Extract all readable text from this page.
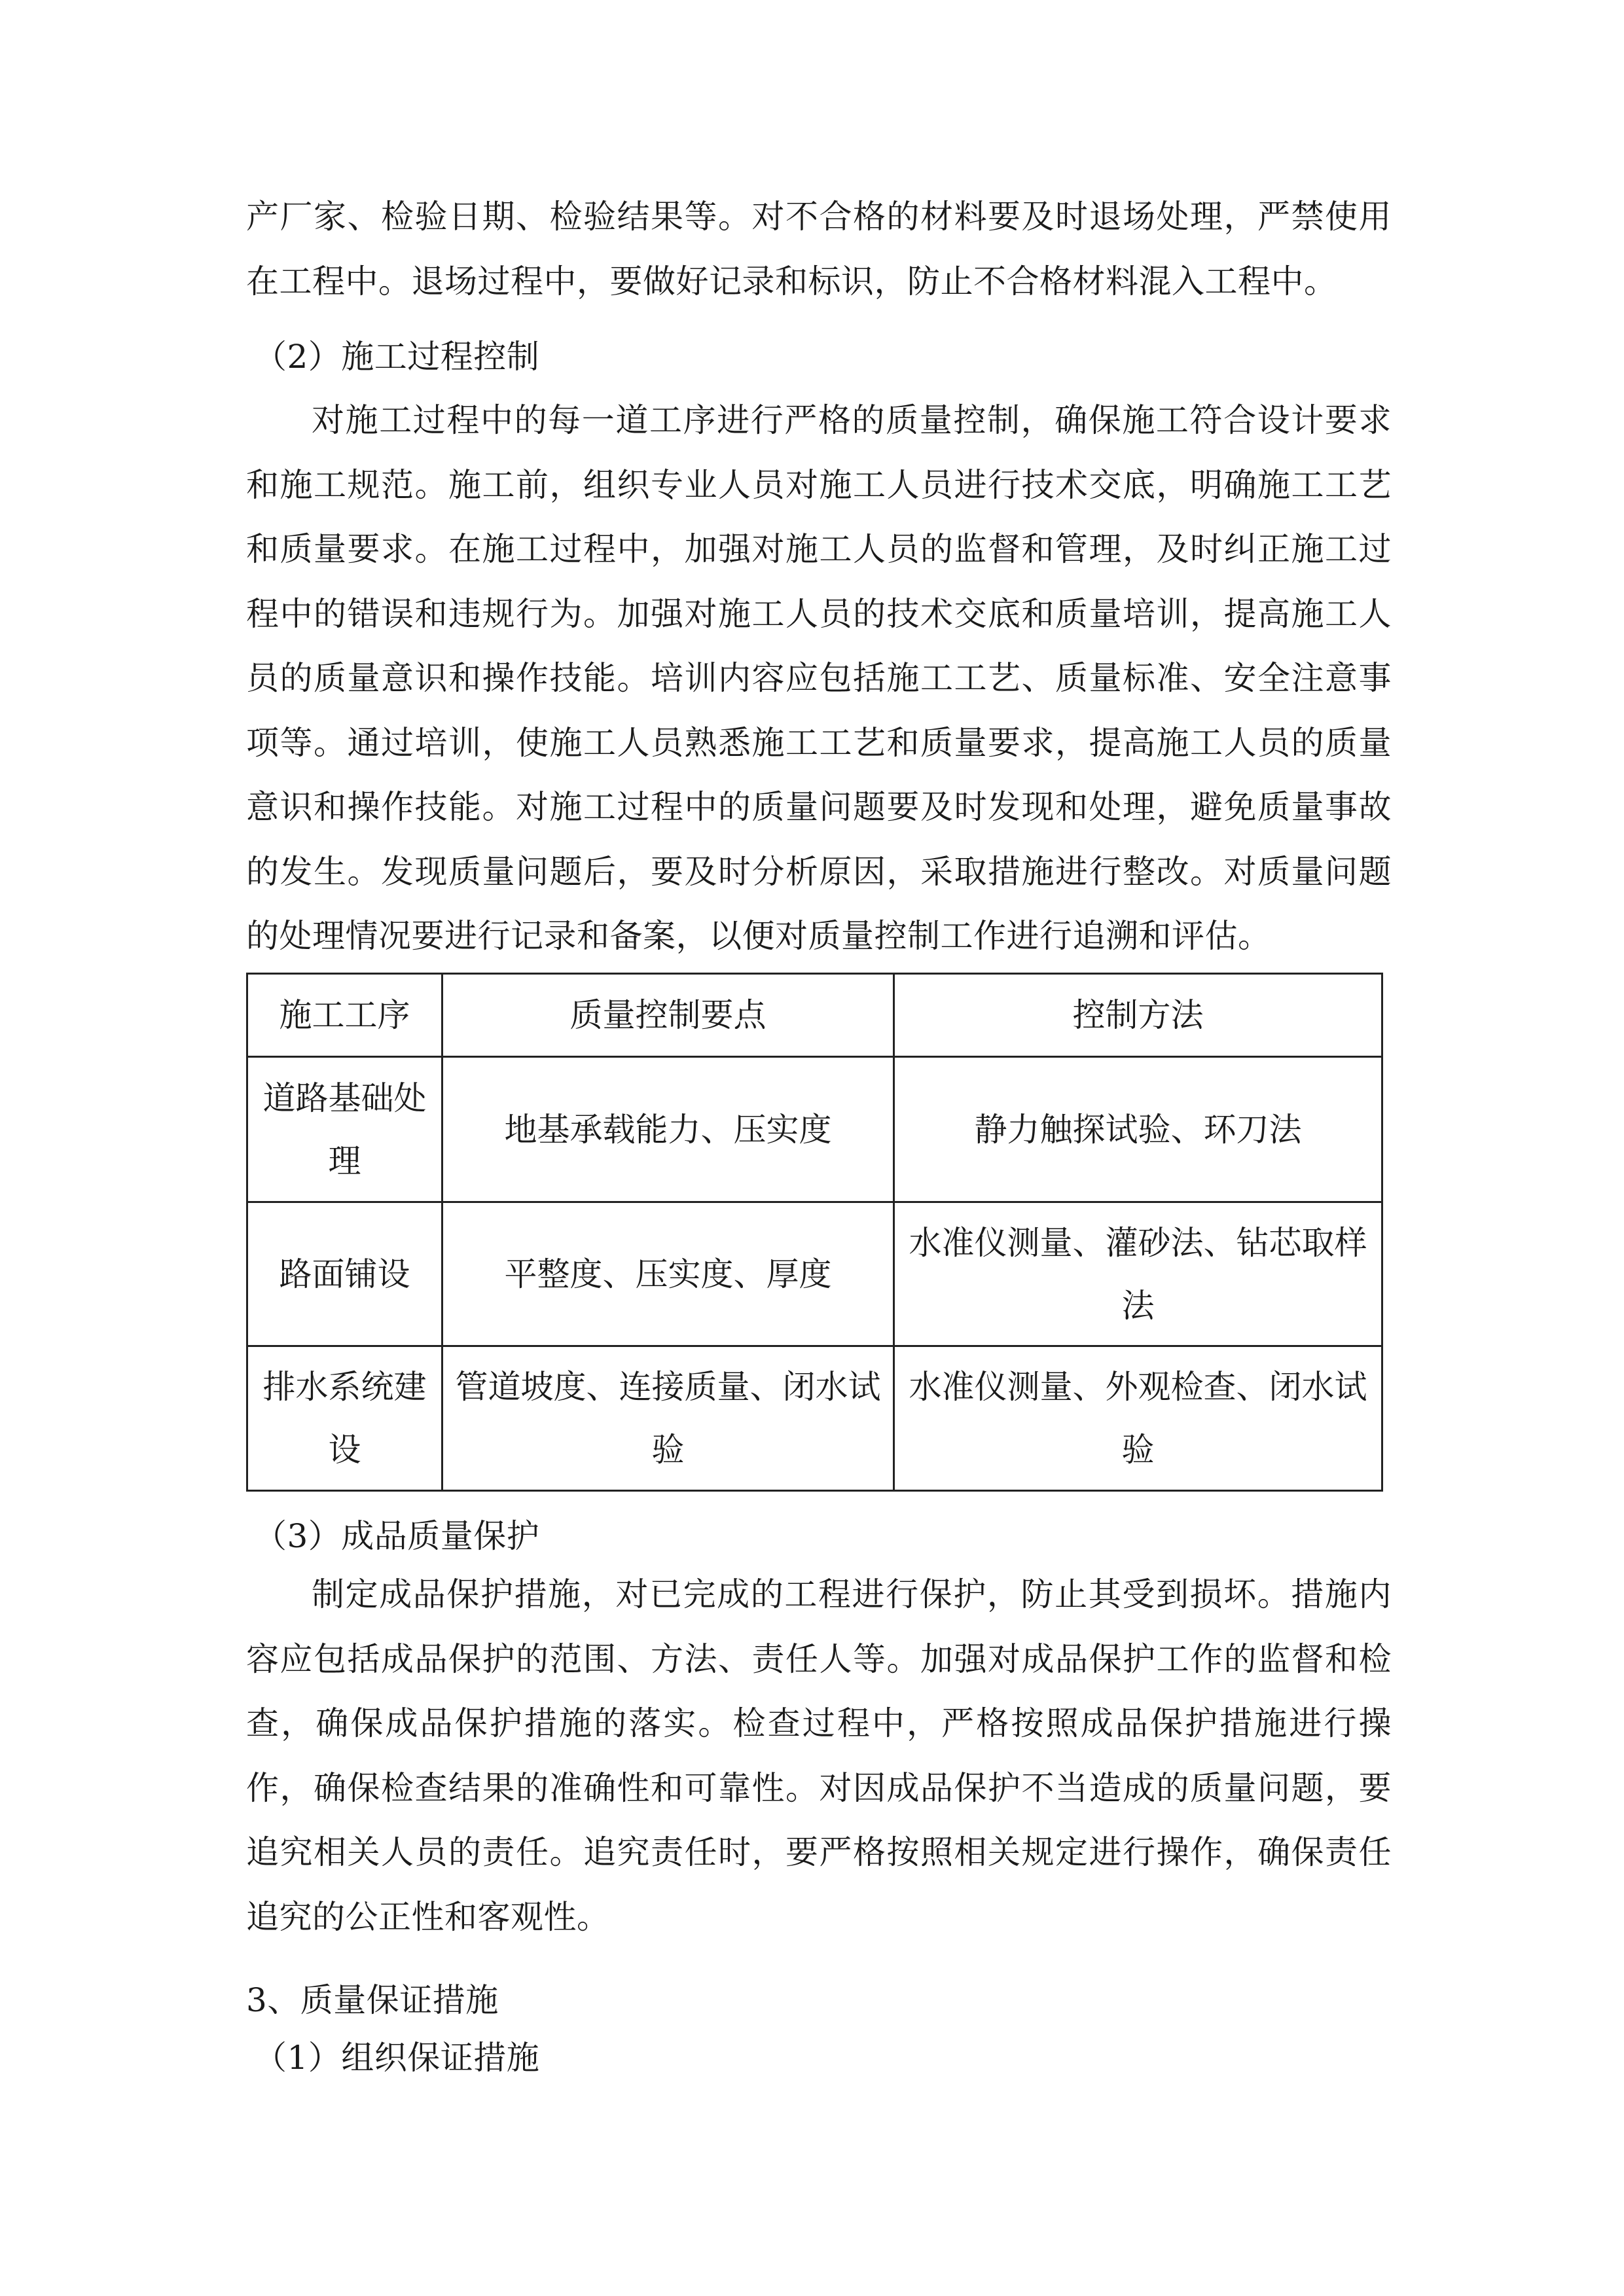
产厂家、检验日期、检验结果等。对不合格的材料要及时退场处理，严禁使用在工程中。退场过程中，要做好记录和标识，防止不合格材料混入工程中。

（2）施工过程控制

对施工过程中的每一道工序进行严格的质量控制，确保施工符合设计要求和施工规范。施工前，组织专业人员对施工人员进行技术交底，明确施工工艺和质量要求。在施工过程中，加强对施工人员的监督和管理，及时纠正施工过程中的错误和违规行为。加强对施工人员的技术交底和质量培训，提高施工人员的质量意识和操作技能。培训内容应包括施工工艺、质量标准、安全注意事项等。通过培训，使施工人员熟悉施工工艺和质量要求，提高施工人员的质量意识和操作技能。对施工过程中的质量问题要及时发现和处理，避免质量事故的发生。发现质量问题后，要及时分析原因，采取措施进行整改。对质量问题的处理情况要进行记录和备案，以便对质量控制工作进行追溯和评估。

施工工序	质量控制要点	控制方法
道路基础处理	地基承载能力、压实度	静力触探试验、环刀法
路面铺设	平整度、压实度、厚度	水准仪测量、灌砂法、钻芯取样法
排水系统建设	管道坡度、连接质量、闭水试验	水准仪测量、外观检查、闭水试验

（3）成品质量保护

制定成品保护措施，对已完成的工程进行保护，防止其受到损坏。措施内容应包括成品保护的范围、方法、责任人等。加强对成品保护工作的监督和检查，确保成品保护措施的落实。检查过程中，严格按照成品保护措施进行操作，确保检查结果的准确性和可靠性。对因成品保护不当造成的质量问题，要追究相关人员的责任。追究责任时，要严格按照相关规定进行操作，确保责任追究的公正性和客观性。

3、质量保证措施

（1）组织保证措施
